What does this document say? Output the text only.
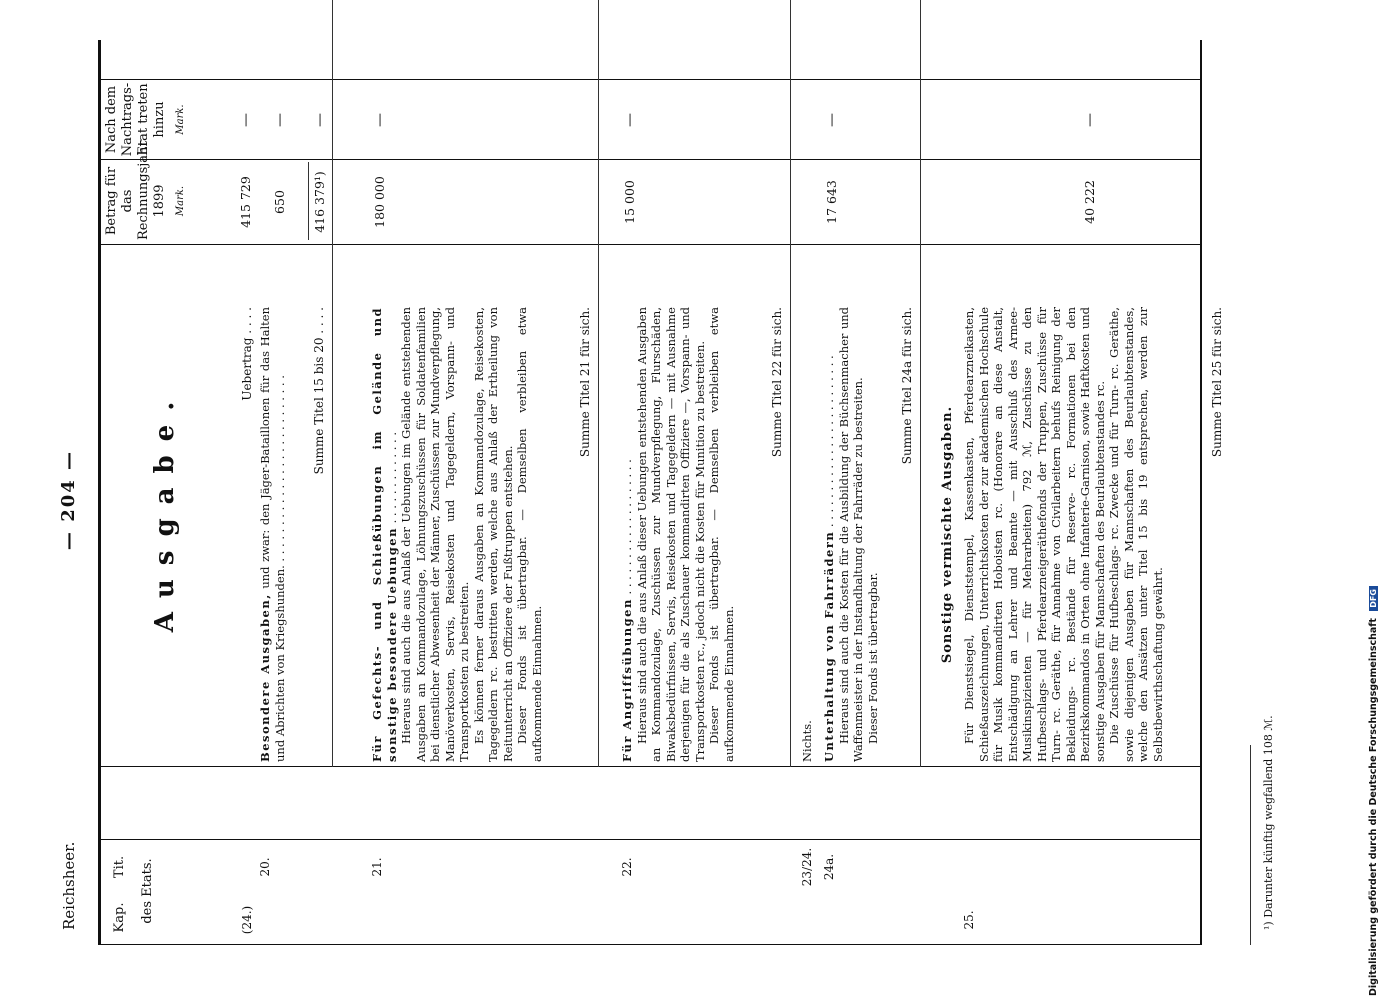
Reichsheer.
— 204 —
Kap.
Tit. des Etats.
Betrag für das Rechnungsjahr 1899 Mark.
Nach dem Nachtrags-Etat treten hinzu Mark.
Ausgabe.
(24.)
Uebertrag . . . .
415 729
—
20.

Besondere Ausgaben, und zwar: den Jäger-Bataillonen für das Halten und Abrichten von Kriegshunden. . . . . . . . . . . . . . . . . . . . . . . . . . .

650
—
Summe Titel 15 bis 20 . . . .
416 379¹)
—
21.

Für Gefechts- und Schießübungen im Gelände und sonstige besondere Uebungen . . . . . . . . . . . . . Hieraus sind auch die aus Anlaß der Uebungen im Gelände entstehenden Ausgaben an Kommandozulage, Löhnungszuschüssen für Soldatenfamilien bei dienstlicher Abwesenheit der Männer, Zuschüssen zur Mundverpflegung, Manöverkosten, Servis, Reisekosten und Tagegeldern, Vorspann- und Transportkosten zu bestreiten. Es können ferner daraus Ausgaben an Kommandozulage, Reisekosten, Tagegeldern rc. bestritten werden, welche aus Anlaß der Ertheilung von Reitunterricht an Offiziere der Fußtruppen entstehen. Dieser Fonds ist übertragbar. — Demselben verbleiben etwa aufkommende Einnahmen.

180 000
—
Summe Titel 21 für sich.
22.

Für Angriffsübungen . . . . . . . . . . . . . . . . . . . Hieraus sind auch die aus Anlaß dieser Uebungen entstehenden Ausgaben an Kommandozulage, Zuschüssen zur Mundverpflegung, Flurschäden, Biwaksbedürfnissen, Servis, Reisekosten und Tagegeldern — mit Ausnahme derjenigen für die als Zuschauer kommandirten Offiziere —, Vorspann- und Transportkosten rc., jedoch nicht die Kosten für Munition zu bestreiten. Dieser Fonds ist übertragbar. — Demselben verbleiben etwa aufkommende Einnahmen.

15 000
—
Summe Titel 22 für sich.
23/24.

Nichts.

24a.

Unterhaltung von Fahrrädern . . . . . . . . . . . . . . . . . . . . . . . . Hieraus sind auch die Kosten für die Ausbildung der Büchsenmacher und Waffenmeister in der Instandhaltung der Fahrräder zu bestreiten. Dieser Fonds ist übertragbar.

17 643
—
Summe Titel 24a für sich.
25.
Sonstige vermischte Ausgaben. Für Dienstsiegel, Dienststempel, Kassenkasten, Pferdearzneikasten, Schießauszeichnungen, Unterrichtskosten der zur akademischen Hochschule für Musik kommandirten Hoboisten rc. (Honorare an diese Anstalt, Entschädigung an Lehrer und Beamte — mit Ausschluß des Armee-Musikinspizienten — für Mehrarbeiten) 792 ℳ, Zuschüsse zu den Hufbeschlags- und Pferdearzneigeräthefonds der Truppen, Zuschüsse für Turn- rc. Geräthe, für Annahme von Civilarbeitern behufs Reinigung der Bekleidungs- rc. Bestände für Reserve- rc. Formationen bei den Bezirkskommandos in Orten ohne Infanterie-Garnison, sowie Haftkosten und sonstige Ausgaben für Mannschaften des Beurlaubtenstandes rc. Die Zuschüsse für Hufbeschlags- rc. Zwecke und für Turn- rc. Geräthe, sowie diejenigen Ausgaben für Mannschaften des Beurlaubtenstandes, welche den Ansätzen unter Titel 15 bis 19 entsprechen, werden zur Selbstbewirthschaftung gewährt.

40 222
—
Summe Titel 25 für sich.
¹) Darunter künftig wegfallend 108 ℳ.	Digitalisierung gefördert durch die Deutsche Forschungsgemeinschaft DFG
